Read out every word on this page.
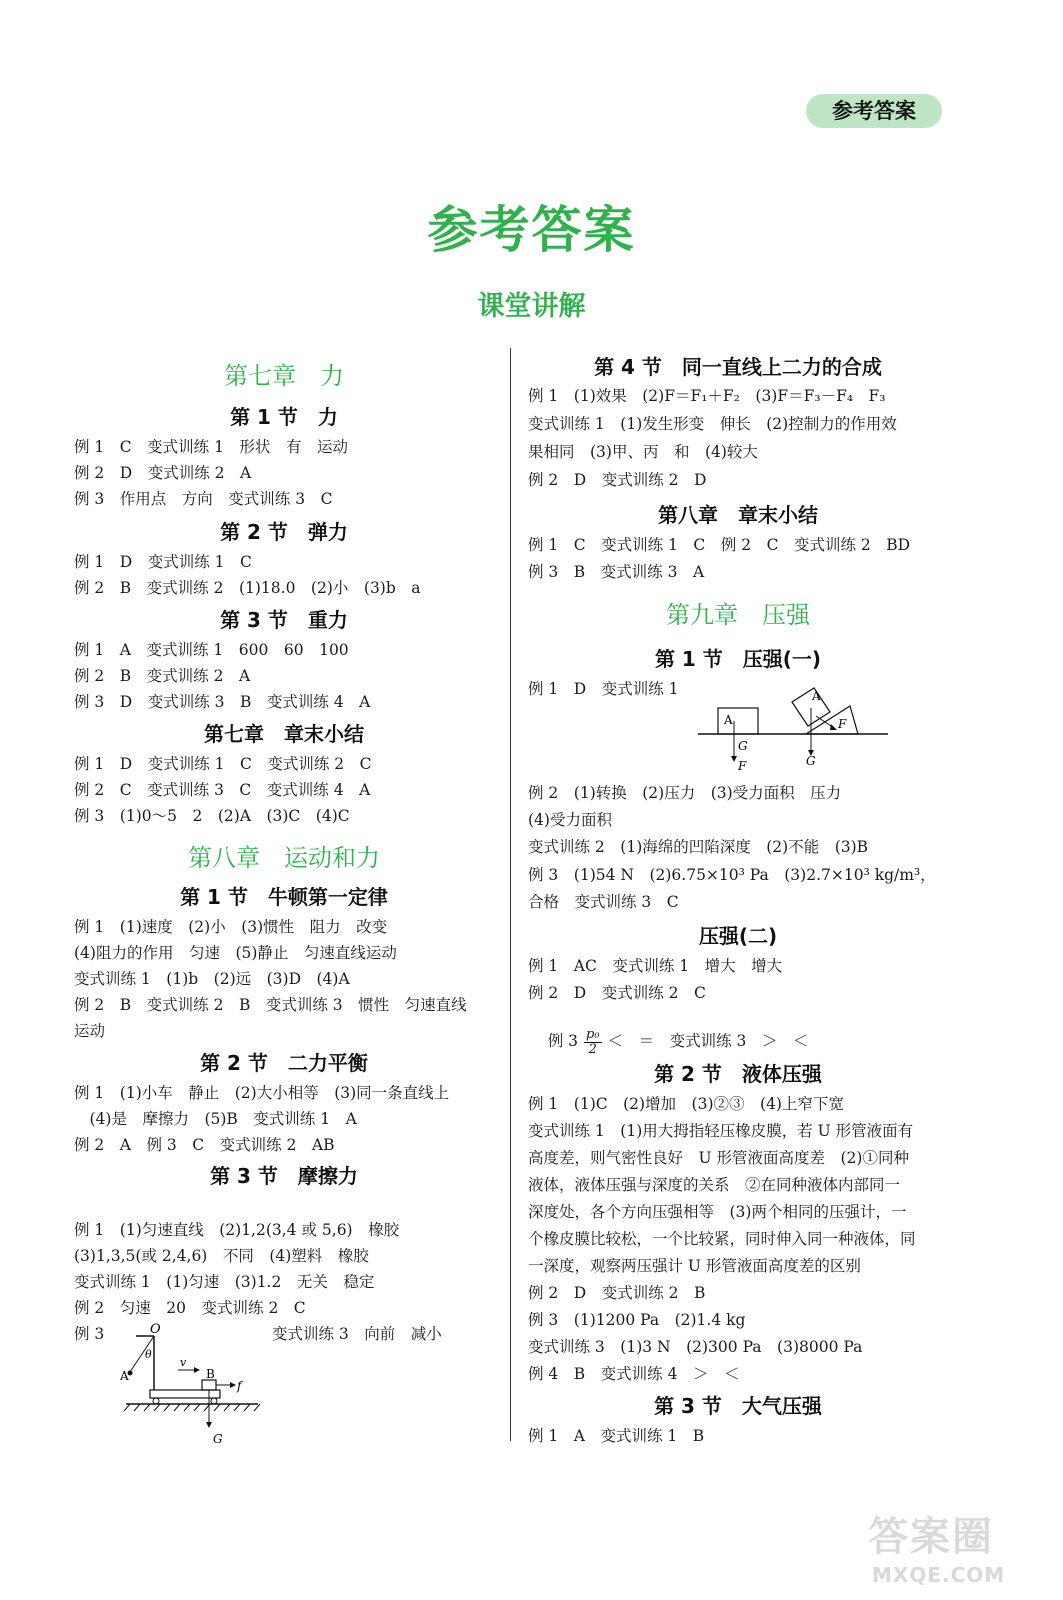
参考答案
参考答案
课堂讲解
第七章　力
第 1 节　力
例 1　C　变式训练 1　形状　有　运动
例 2　D　变式训练 2　A
例 3　作用点　方向　变式训练 3　C
第 2 节　弹力
例 1　D　变式训练 1　C
例 2　B　变式训练 2　(1)18.0　(2)小　(3)b　a
第 3 节　重力
例 1　A　变式训练 1　600　60　100
例 2　B　变式训练 2　A
例 3　D　变式训练 3　B　变式训练 4　A
第七章　章末小结
例 1　D　变式训练 1　C　变式训练 2　C
例 2　C　变式训练 3　C　变式训练 4　A
例 3　(1)0～5　2　(2)A　(3)C　(4)C
第八章　运动和力
第 1 节　牛顿第一定律
例 1　(1)速度　(2)小　(3)惯性　阻力　改变
(4)阻力的作用　匀速　(5)静止　匀速直线运动
变式训练 1　(1)b　(2)远　(3)D　(4)A
例 2　B　变式训练 2　B　变式训练 3　惯性　匀速直线
运动
第 2 节　二力平衡
例 1　(1)小车　静止　(2)大小相等　(3)同一条直线上
　(4)是　摩擦力　(5)B　变式训练 1　A
例 2　A　例 3　C　变式训练 2　AB
第 3 节　摩擦力
例 1　(1)匀速直线　(2)1,2(3,4 或 5,6)　橡胶
(3)1,3,5(或 2,4,6)　不同　(4)塑料　橡胶
变式训练 1　(1)匀速　(3)1.2　无关　稳定
例 2　匀速　20　变式训练 2　C
例 3	变式训练 3　向前　减小
O
θ
A
v
B
f
G
第 4 节　同一直线上二力的合成
例 1　(1)效果　(2)F＝F₁＋F₂　(3)F＝F₃－F₄　F₃
变式训练 1　(1)发生形变　伸长　(2)控制力的作用效
果相同　(3)甲、丙　和　(4)较大
例 2　D　变式训练 2　D
第八章　章末小结
例 1　C　变式训练 1　C　例 2　C　变式训练 2　BD
例 3　B　变式训练 3　A
第九章　压强
第 1 节　压强(一)
例 1　D　变式训练 1
A
A
G
F	G
F
例 2　(1)转换　(2)压力　(3)受力面积　压力
(4)受力面积
变式训练 2　(1)海绵的凹陷深度　(2)不能　(3)B
例 3　(1)54 N　(2)6.75×10³ Pa　(3)2.7×10³ kg/m³，
合格　变式训练 3　C
压强(二)
例 1　AC　变式训练 1　增大　增大
例 2　D　变式训练 2　C

例 $3 \frac{\text{p₀}}{2}$ ＜　＝　变式训练 3　＞　＜

第 2 节　液体压强
例 1　(1)C　(2)增加　(3)②③　(4)上窄下宽
变式训练 1　(1)用大拇指轻压橡皮膜，若 U 形管液面有
高度差，则气密性良好　U 形管液面高度差　(2)①同种
液体，液体压强与深度的关系　②在同种液体内部同一
深度处，各个方向压强相等　(3)两个相同的压强计，一
个橡皮膜比较松，一个比较紧，同时伸入同一种液体，同
一深度，观察两压强计 U 形管液面高度差的区别
例 2　D　变式训练 2　B
例 3　(1)1200 Pa　(2)1.4 kg
变式训练 3　(1)3 N　(2)300 Pa　(3)8000 Pa
例 4　B　变式训练 4　＞　＜
第 3 节　大气压强
例 1　A　变式训练 1　B
答案圈
MXQE.COM
